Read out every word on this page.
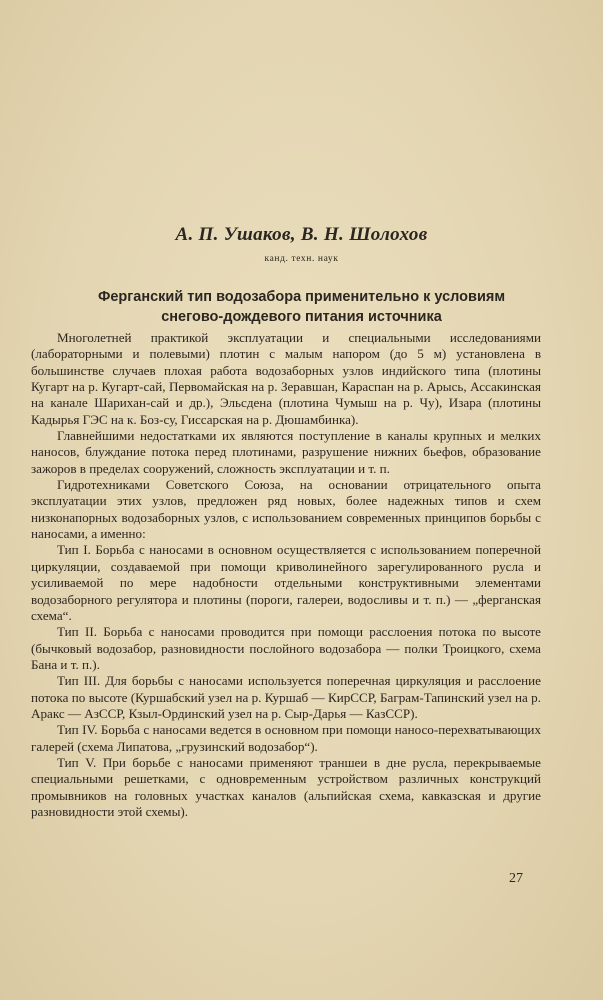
А. П. Ушаков, В. Н. Шолохов
канд. техн. наук
Ферганский тип водозабора применительно к условиям
снегово-дождевого питания источника

Многолетней практикой эксплуатации и специальными исследованиями (лабораторными и полевыми) плотин с малым напором (до 5 м) установлена в большинстве случаев плохая работа водозаборных узлов индийского типа (плотины Кугарт на р. Кугарт-сай, Первомайская на р. Зеравшан, Караспан на р. Арысь, Ассакинская на канале Шарихан-сай и др.), Эльсдена (плотина Чумыш на р. Чу), Изара (плотины Кадырья ГЭС на к. Боз-су, Гиссарская на р. Дюшамбинка).

Главнейшими недостатками их являются поступление в каналы крупных и мелких наносов, блуждание потока перед плотинами, разрушение нижних бьефов, образование зажоров в пределах сооружений, сложность эксплуатации и т. п.

Гидротехниками Советского Союза, на основании отрицательного опыта эксплуатации этих узлов, предложен ряд новых, более надежных типов и схем низконапорных водозаборных узлов, с использованием современных принципов борьбы с наносами, а именно:

Тип I. Борьба с наносами в основном осуществляется с использованием поперечной циркуляции, создаваемой при помощи криволинейного зарегулированного русла и усиливаемой по мере надобности отдельными конструктивными элементами водозаборного регулятора и плотины (пороги, галереи, водосливы и т. п.) — „ферганская схема“.

Тип II. Борьба с наносами проводится при помощи расслоения потока по высоте (бычковый водозабор, разновидности послойного водозабора — полки Троицкого, схема Бана и т. п.).

Тип III. Для борьбы с наносами используется поперечная циркуляция и расслоение потока по высоте (Куршабский узел на р. Куршаб — КирССР, Баграм-Тапинский узел на р. Аракс — АзССР, Кзыл-Ординский узел на р. Сыр-Дарья — КазССР).

Тип IV. Борьба с наносами ведется в основном при помощи наносо-перехватывающих галерей (схема Липатова, „грузинский водозабор“).

Тип V. При борьбе с наносами применяют траншеи в дне русла, перекрываемые специальными решетками, с одновременным устройством различных конструкций промывников на головных участках каналов (альпийская схема, кавказская и другие разновидности этой схемы).

27
